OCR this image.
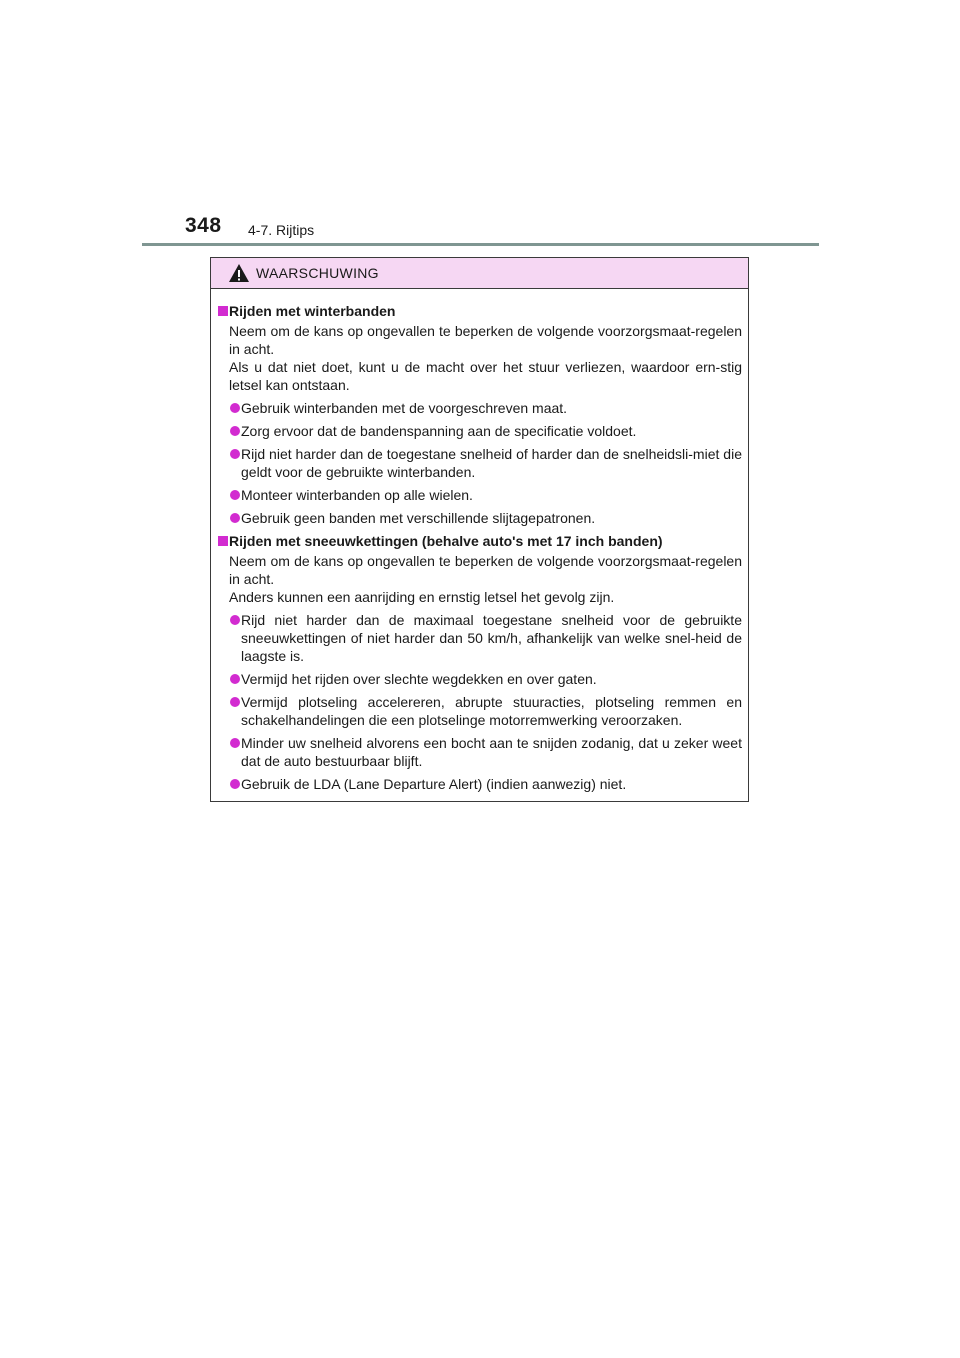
348 4-7. Rijtips
WAARSCHUWING
Rijden met winterbanden
Neem om de kans op ongevallen te beperken de volgende voorzorgsmaat-regelen in acht.
Als u dat niet doet, kunt u de macht over het stuur verliezen, waardoor ern-stig letsel kan ontstaan.
Gebruik winterbanden met de voorgeschreven maat.
Zorg ervoor dat de bandenspanning aan de specificatie voldoet.
Rijd niet harder dan de toegestane snelheid of harder dan de snelheidsli-miet die geldt voor de gebruikte winterbanden.
Monteer winterbanden op alle wielen.
Gebruik geen banden met verschillende slijtagepatronen.
Rijden met sneeuwkettingen (behalve auto's met 17 inch banden)
Neem om de kans op ongevallen te beperken de volgende voorzorgsmaat-regelen in acht.
Anders kunnen een aanrijding en ernstig letsel het gevolg zijn.
Rijd niet harder dan de maximaal toegestane snelheid voor de gebruikte sneeuwkettingen of niet harder dan 50 km/h, afhankelijk van welke snel-heid de laagste is.
Vermijd het rijden over slechte wegdekken en over gaten.
Vermijd plotseling accelereren, abrupte stuuracties, plotseling remmen en schakelhandelingen die een plotselinge motorremwerking veroorzaken.
Minder uw snelheid alvorens een bocht aan te snijden zodanig, dat u zeker weet dat de auto bestuurbaar blijft.
Gebruik de LDA (Lane Departure Alert) (indien aanwezig) niet.
